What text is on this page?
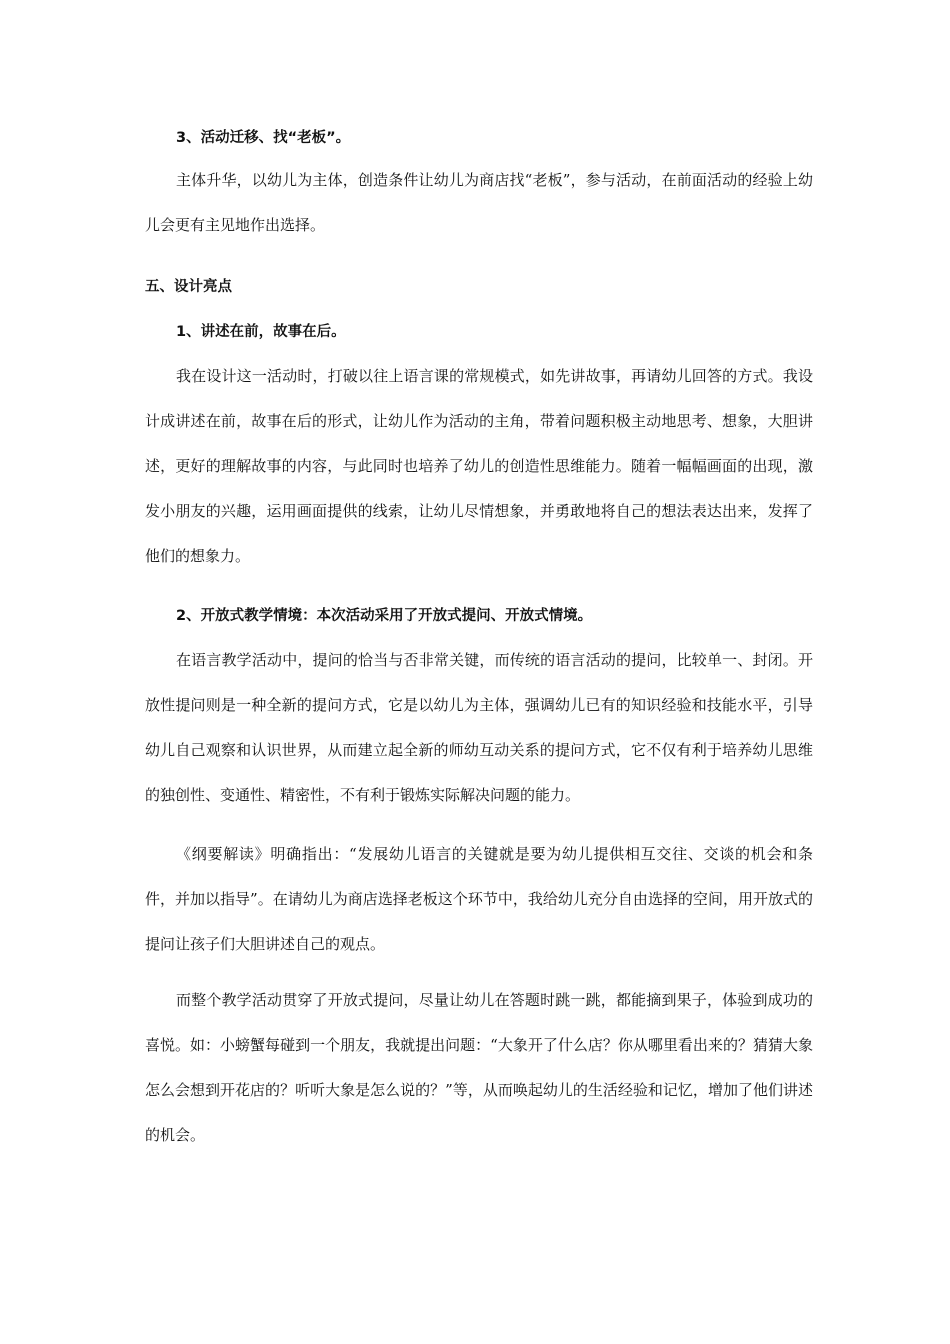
3、活动迁移、找“老板”。

主体升华，以幼儿为主体，创造条件让幼儿为商店找“老板”，参与活动，在前面活动的经验上幼儿会更有主见地作出选择。

五、设计亮点

1、讲述在前，故事在后。

我在设计这一活动时，打破以往上语言课的常规模式，如先讲故事，再请幼儿回答的方式。我设计成讲述在前，故事在后的形式，让幼儿作为活动的主角，带着问题积极主动地思考、想象，大胆讲述，更好的理解故事的内容，与此同时也培养了幼儿的创造性思维能力。随着一幅幅画面的出现，激发小朋友的兴趣，运用画面提供的线索，让幼儿尽情想象，并勇敢地将自己的想法表达出来，发挥了他们的想象力。

2、开放式教学情境：本次活动采用了开放式提问、开放式情境。

在语言教学活动中，提问的恰当与否非常关键，而传统的语言活动的提问，比较单一、封闭。开放性提问则是一种全新的提问方式，它是以幼儿为主体，强调幼儿已有的知识经验和技能水平，引导幼儿自己观察和认识世界，从而建立起全新的师幼互动关系的提问方式，它不仅有利于培养幼儿思维的独创性、变通性、精密性，不有利于锻炼实际解决问题的能力。

《纲要解读》明确指出：“发展幼儿语言的关键就是要为幼儿提供相互交往、交谈的机会和条件，并加以指导”。在请幼儿为商店选择老板这个环节中，我给幼儿充分自由选择的空间，用开放式的提问让孩子们大胆讲述自己的观点。

而整个教学活动贯穿了开放式提问，尽量让幼儿在答题时跳一跳，都能摘到果子，体验到成功的喜悦。如：小螃蟹每碰到一个朋友，我就提出问题：“大象开了什么店？你从哪里看出来的？猜猜大象怎么会想到开花店的？听听大象是怎么说的？”等，从而唤起幼儿的生活经验和记忆，增加了他们讲述的机会。
